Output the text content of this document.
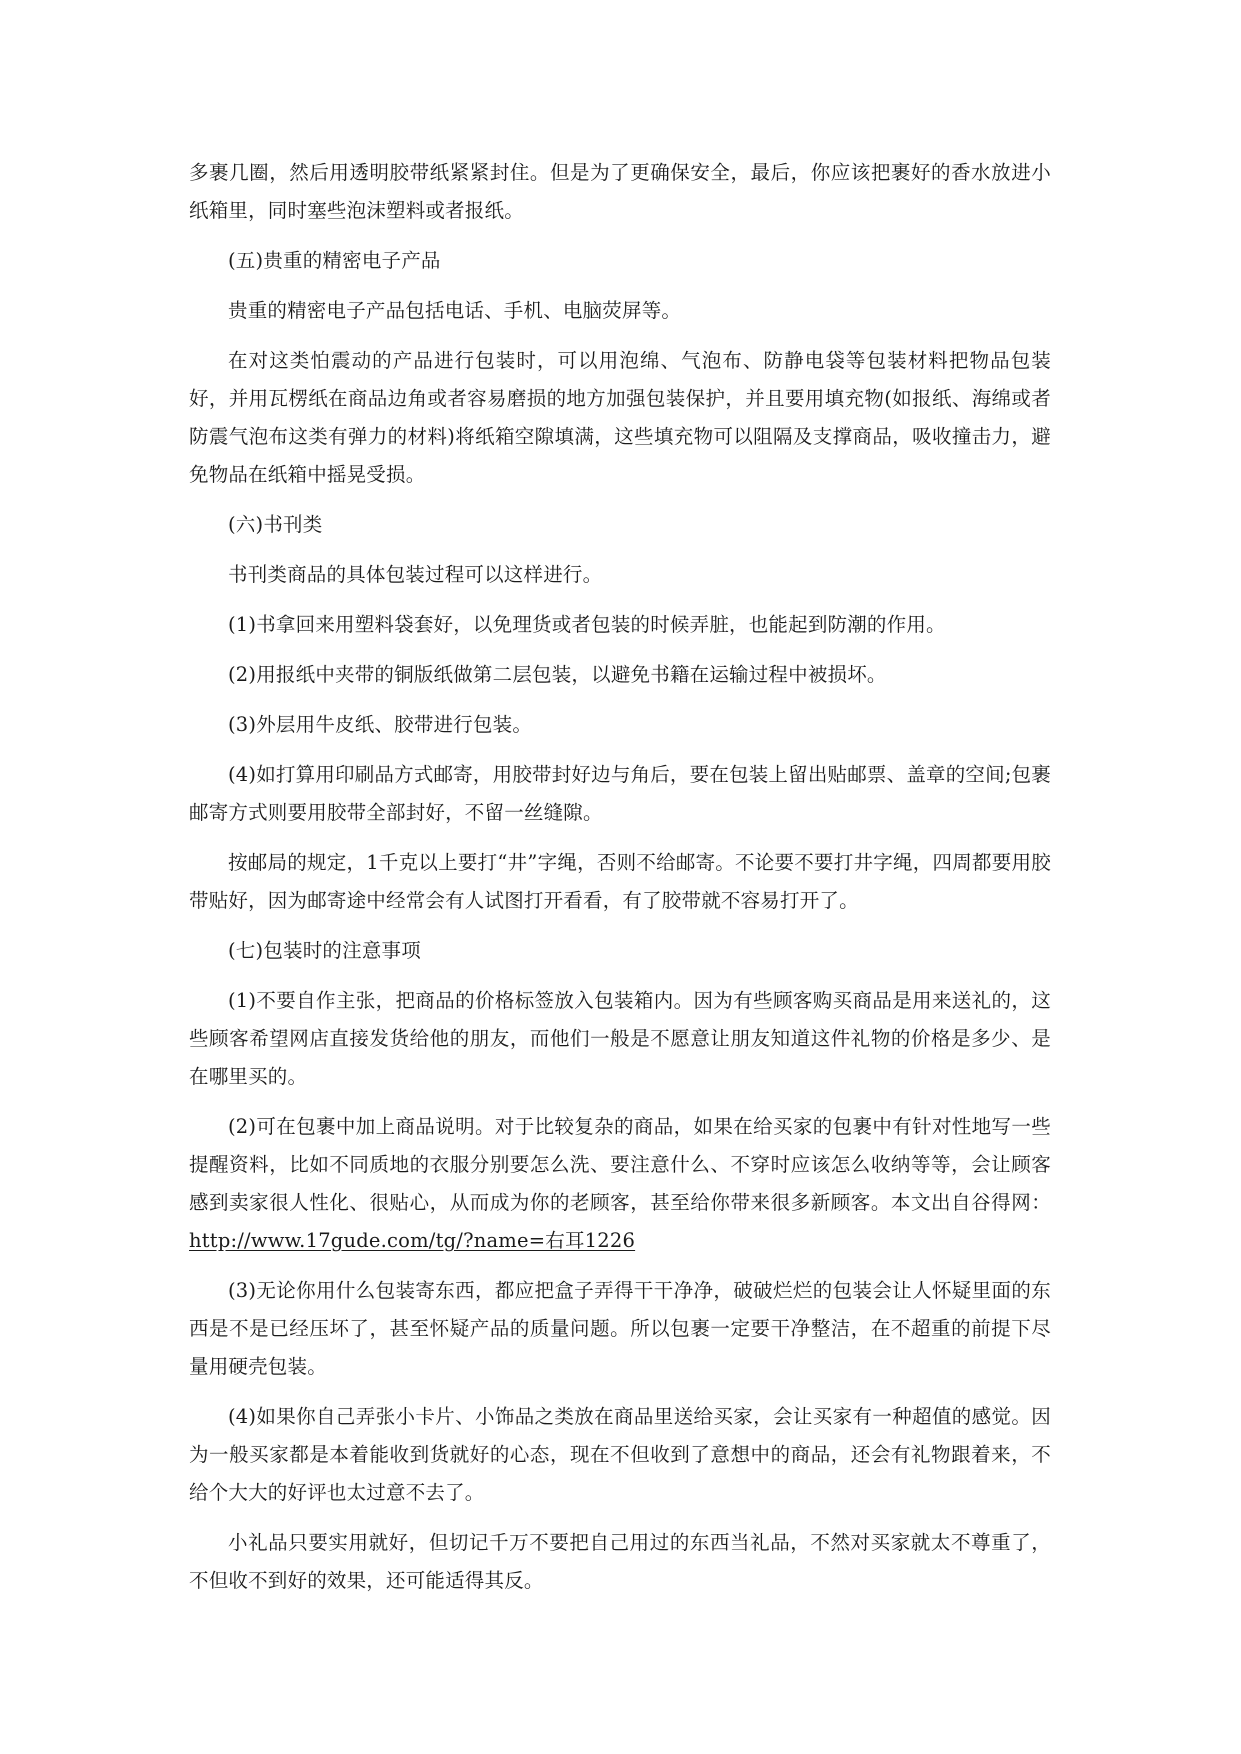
多裹几圈，然后用透明胶带纸紧紧封住。但是为了更确保安全，最后，你应该把裹好的香水放进小纸箱里，同时塞些泡沫塑料或者报纸。

(五)贵重的精密电子产品

贵重的精密电子产品包括电话、手机、电脑荧屏等。

在对这类怕震动的产品进行包装时，可以用泡绵、气泡布、防静电袋等包装材料把物品包装好，并用瓦楞纸在商品边角或者容易磨损的地方加强包装保护，并且要用填充物(如报纸、海绵或者防震气泡布这类有弹力的材料)将纸箱空隙填满，这些填充物可以阻隔及支撑商品，吸收撞击力，避免物品在纸箱中摇晃受损。

(六)书刊类

书刊类商品的具体包装过程可以这样进行。

(1)书拿回来用塑料袋套好，以免理货或者包装的时候弄脏，也能起到防潮的作用。

(2)用报纸中夹带的铜版纸做第二层包装，以避免书籍在运输过程中被损坏。

(3)外层用牛皮纸、胶带进行包装。

(4)如打算用印刷品方式邮寄，用胶带封好边与角后，要在包装上留出贴邮票、盖章的空间;包裹邮寄方式则要用胶带全部封好，不留一丝缝隙。

按邮局的规定，1千克以上要打“井”字绳，否则不给邮寄。不论要不要打井字绳，四周都要用胶带贴好，因为邮寄途中经常会有人试图打开看看，有了胶带就不容易打开了。

(七)包装时的注意事项

(1)不要自作主张，把商品的价格标签放入包装箱内。因为有些顾客购买商品是用来送礼的，这些顾客希望网店直接发货给他的朋友，而他们一般是不愿意让朋友知道这件礼物的价格是多少、是在哪里买的。

(2)可在包裹中加上商品说明。对于比较复杂的商品，如果在给买家的包裹中有针对性地写一些提醒资料，比如不同质地的衣服分别要怎么洗、要注意什么、不穿时应该怎么收纳等等，会让顾客感到卖家很人性化、很贴心，从而成为你的老顾客，甚至给你带来很多新顾客。本文出自谷得网：http://www.17gude.com/tg/?name=右耳1226

(3)无论你用什么包装寄东西，都应把盒子弄得干干净净，破破烂烂的包装会让人怀疑里面的东西是不是已经压坏了，甚至怀疑产品的质量问题。所以包裹一定要干净整洁，在不超重的前提下尽量用硬壳包装。

(4)如果你自己弄张小卡片、小饰品之类放在商品里送给买家，会让买家有一种超值的感觉。因为一般买家都是本着能收到货就好的心态，现在不但收到了意想中的商品，还会有礼物跟着来，不给个大大的好评也太过意不去了。

小礼品只要实用就好，但切记千万不要把自己用过的东西当礼品，不然对买家就太不尊重了，不但收不到好的效果，还可能适得其反。
